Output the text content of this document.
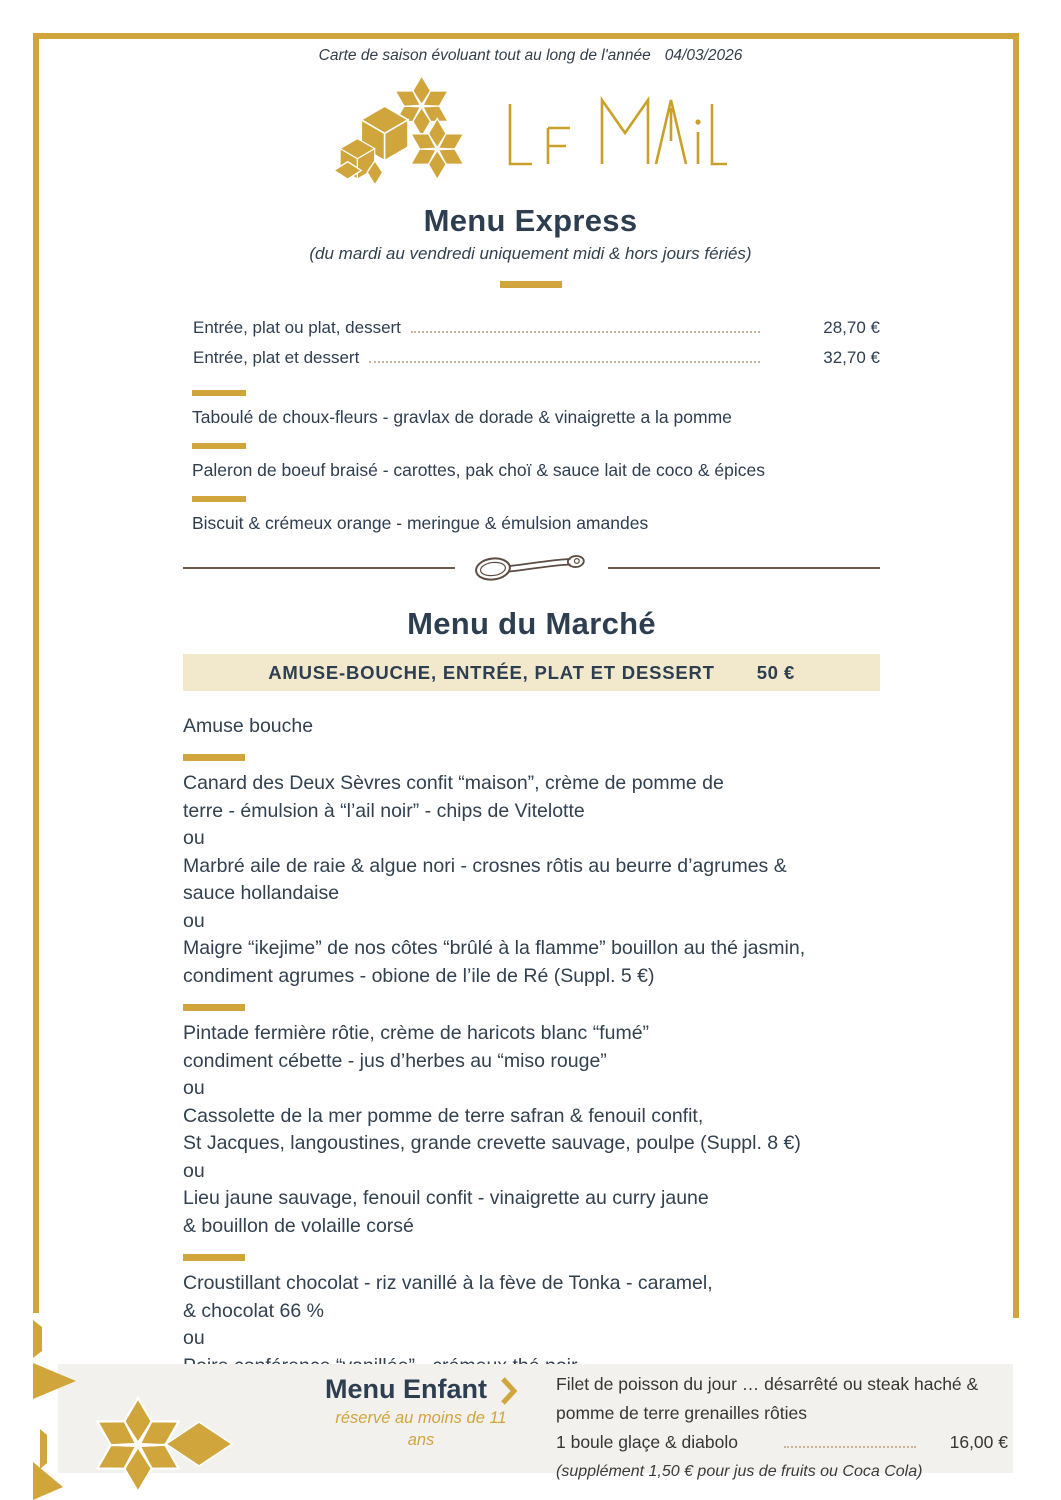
Carte de saison évoluant tout au long de l'année 04/03/2026
Menu Express
(du mardi au vendredi uniquement midi & hors jours fériés)
Entrée, plat ou plat, dessert	28,70 €
Entrée, plat et dessert	32,70 €
Taboulé de choux-fleurs - gravlax de dorade & vinaigrette a la pomme
Paleron de boeuf braisé - carottes, pak choï & sauce lait de coco & épices
Biscuit & crémeux orange - meringue & émulsion amandes
Menu du Marché
AMUSE-BOUCHE, ENTRÉE, PLAT ET DESSERT 50 €
Amuse bouche
Canard des Deux Sèvres confit “maison”, crème de pomme de
terre - émulsion à “l’ail noir” - chips de Vitelotte
ou
Marbré aile de raie & algue nori - crosnes rôtis au beurre d’agrumes &
sauce hollandaise
ou
Maigre “ikejime” de nos côtes “brûlé à la flamme” bouillon au thé jasmin,
condiment agrumes - obione de l’ile de Ré (Suppl. 5 €)
Pintade fermière rôtie, crème de haricots blanc “fumé”
condiment cébette - jus d’herbes au “miso rouge”
ou
Cassolette de la mer pomme de terre safran & fenouil confit,
St Jacques, langoustines, grande crevette sauvage, poulpe (Suppl. 8 €)
ou
Lieu jaune sauvage, fenouil confit - vinaigrette au curry jaune
& bouillon de volaille corsé
Croustillant chocolat - riz vanillé à la fève de Tonka - caramel,
& chocolat 66 %
ou
Menu Enfant
réservé au moins de 11
ans
Filet de poisson du jour … désarrêté ou steak haché &
pomme de terre grenailles rôties
1 boule glaçe & diabolo	16,00 €
(supplément 1,50 € pour jus de fruits ou Coca Cola)
